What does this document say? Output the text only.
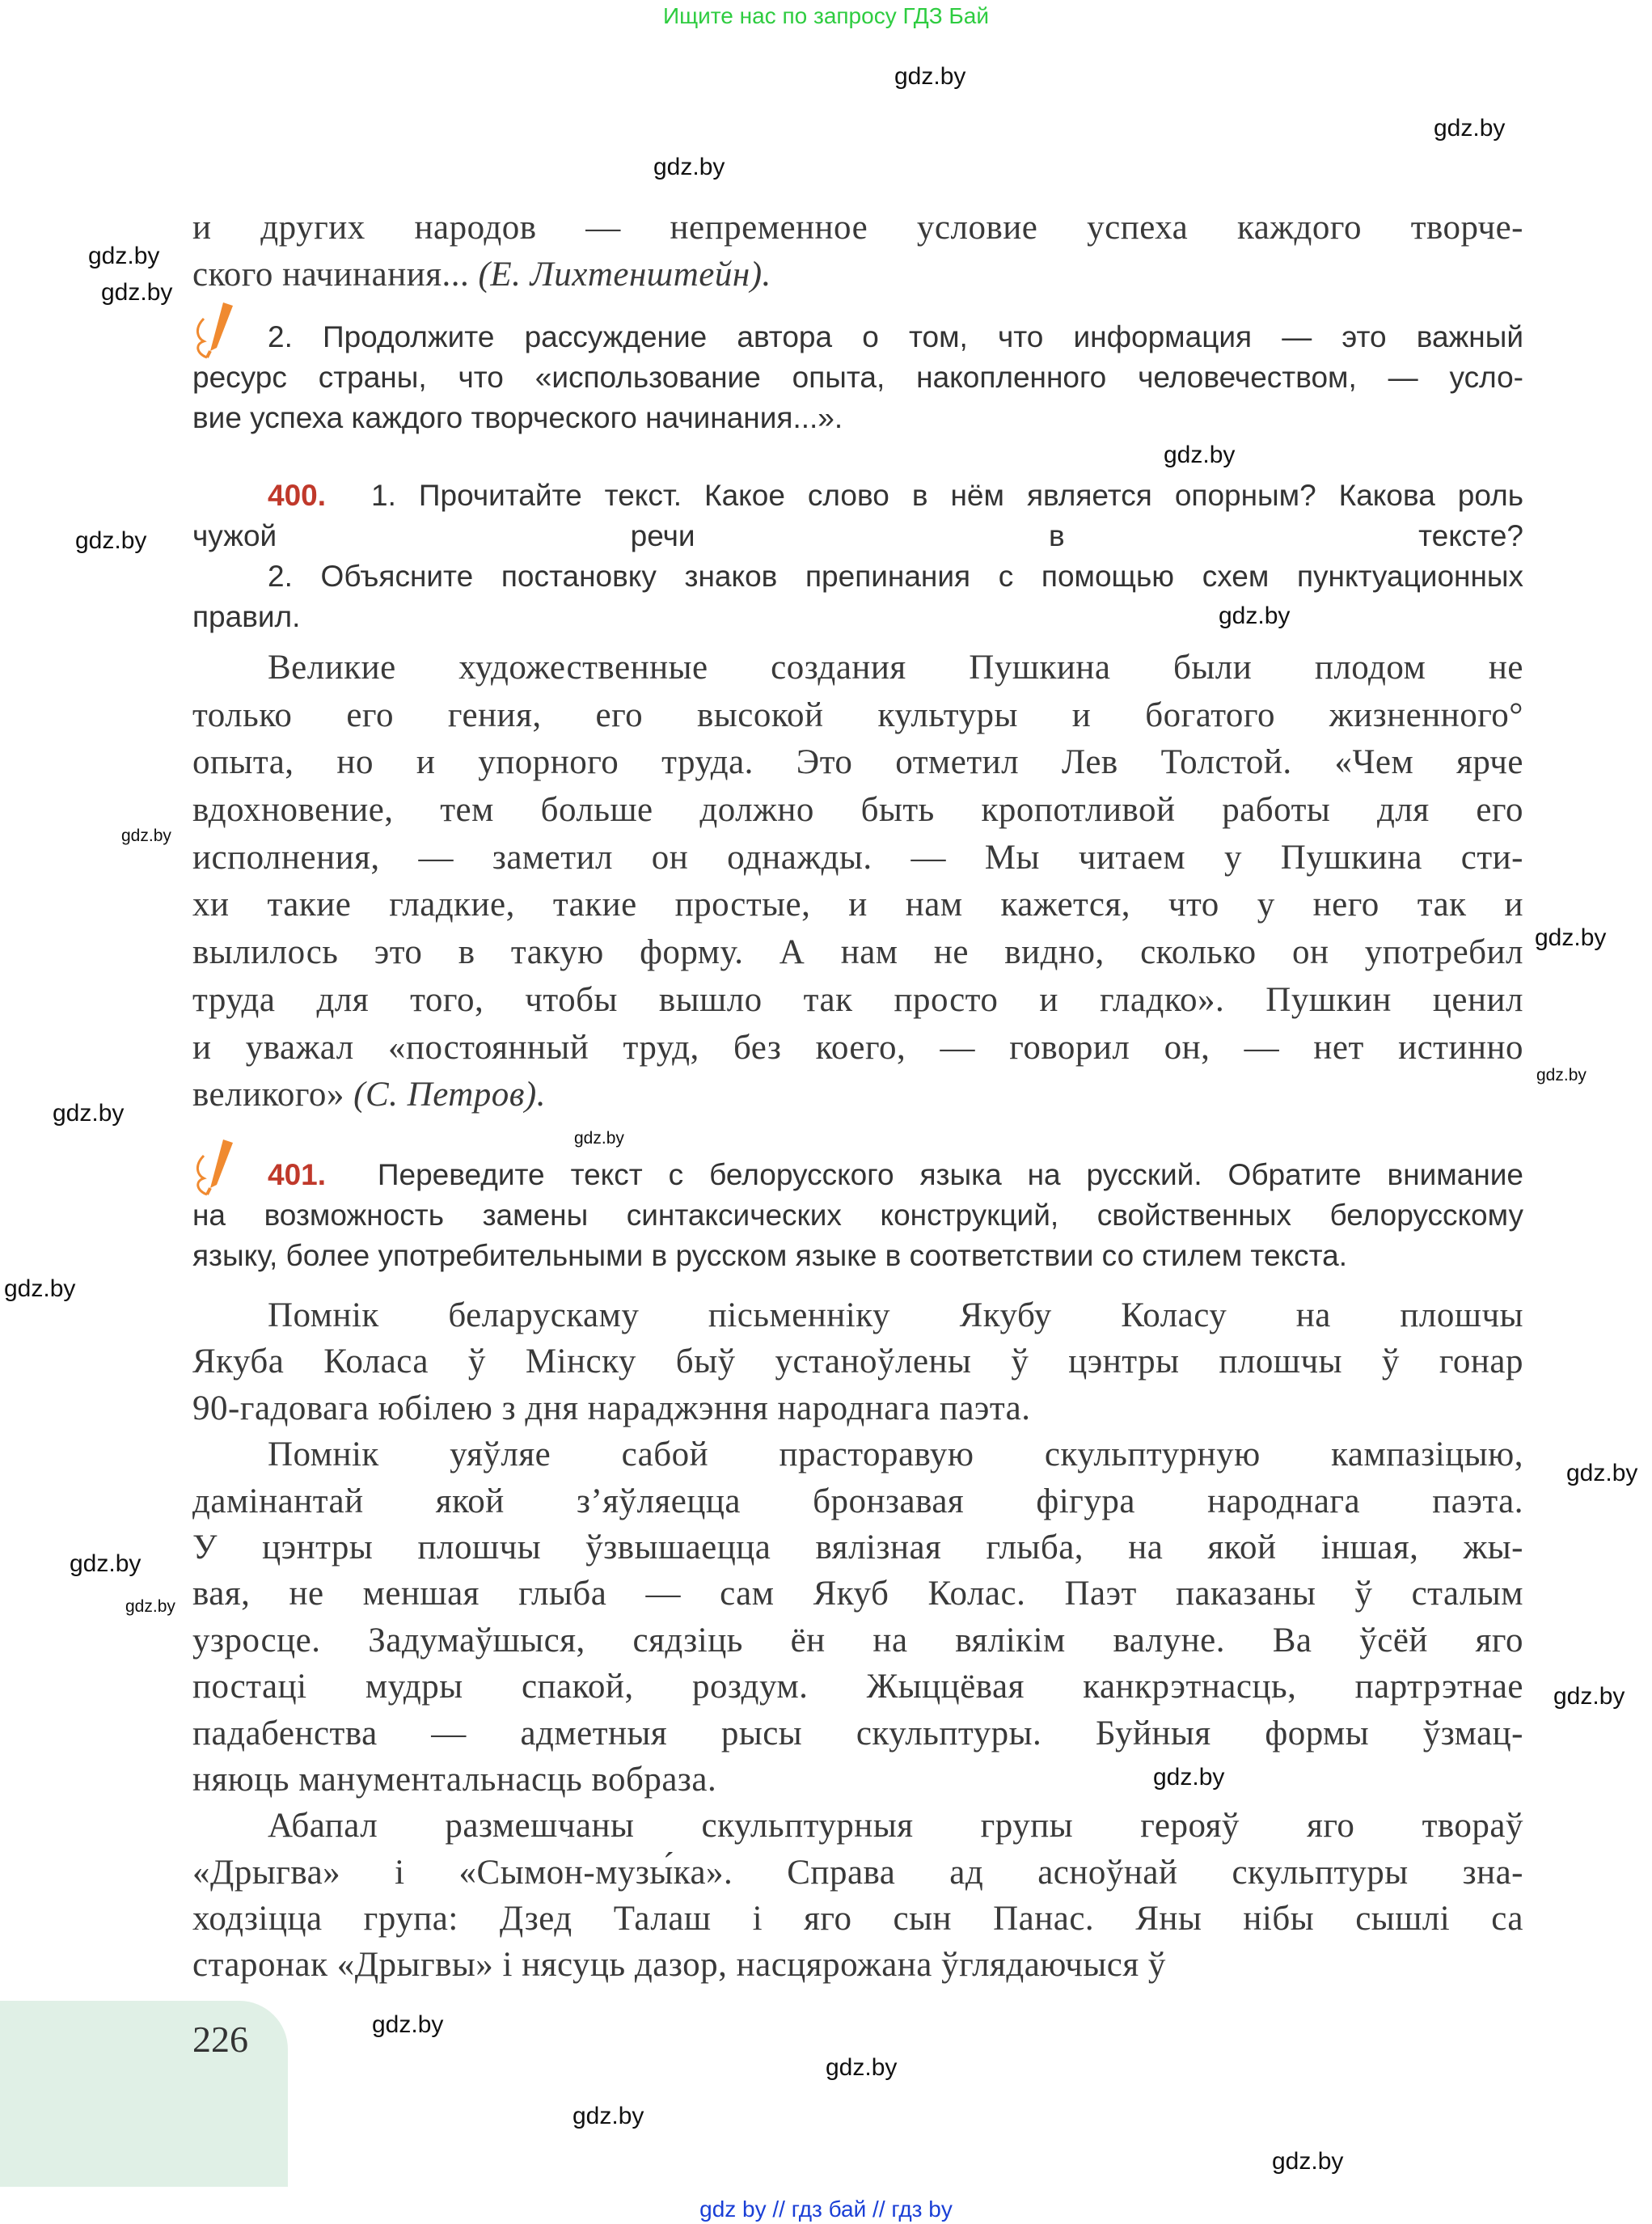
Ищите нас по запросу ГДЗ Бай
и других народов — непременное условие успеха каждого творче-
ского начинания... (Е. Лихтенштейн).
2. Продолжите рассуждение автора о том, что информация — это важный
ресурс страны, что «использование опыта, накопленного человечеством, — усло-
вие успеха каждого творческого начинания...».
400. 1. Прочитайте текст. Какое слово в нём является опорным? Какова роль
чужой речи в тексте?
2. Объясните постановку знаков препинания с помощью схем пунктуационных
правил.
Великие художественные создания Пушкина были плодом не
только его гения, его высокой культуры и богатого жизненного°
опыта, но и упорного труда. Это отметил Лев Толстой. «Чем ярче
вдохновение, тем больше должно быть кропотливой работы для его
исполнения, — заметил он однажды. — Мы читаем у Пушкина сти-
хи такие гладкие, такие простые, и нам кажется, что у него так и
вылилось это в такую форму. А нам не видно, сколько он употребил
труда для того, чтобы вышло так просто и гладко». Пушкин ценил
и уважал «постоянный труд, без коего, — говорил он, — нет истинно
великого» (С. Петров).
401. Переведите текст с белорусского языка на русский. Обратите внимание
на возможность замены синтаксических конструкций, свойственных белорусскому
языку, более употребительными в русском языке в соответствии со стилем текста.
Помнік беларускаму пісьменніку Якубу Коласу на плошчы
Якуба Коласа ў Мінску быў устаноўлены ў цэнтры плошчы ў гонар
90-гадовага юбілею з дня нараджэння народнага паэта.
Помнік уяўляе сабой прасторавую скульптурную кампазіцыю,
дамінантай якой з’яўляецца бронзавая фігура народнага паэта.
У цэнтры плошчы ўзвышаецца вялізная глыба, на якой іншая, жы-
вая, не меншая глыба — сам Якуб Колас. Паэт паказаны ў сталым
узросце. Задумаўшыся, сядзіць ён на вялікім валуне. Ва ўсёй яго
постаці мудры спакой, роздум. Жыццёвая канкрэтнасць, партрэтнае
падабенства — адметныя рысы скульптуры. Буйныя формы ўзмац-
няюць манументальнасць вобраза.
Абапал размешчаны скульптурныя групы герояў яго твораў
«Дрыгва» і «Сымон-музы́ка». Справа ад асноўнай скульптуры зна-
ходзіцца група: Дзед Талаш і яго сын Панас. Яны нібы сышлі са
старонак «Дрыгвы» і нясуць дазор, насцярожана ўглядаючыся ў
226
gdz.by
gdz.by
gdz.by
gdz.by
gdz.by
gdz.by
gdz.by
gdz.by
gdz.by
gdz.by
gdz.by
gdz.by
gdz.by
gdz.by
gdz.by
gdz.by
gdz.by
gdz.by
gdz.by
gdz.by
gdz.by
gdz.by
gdz.by
gdz by // гдз бай // гдз by
